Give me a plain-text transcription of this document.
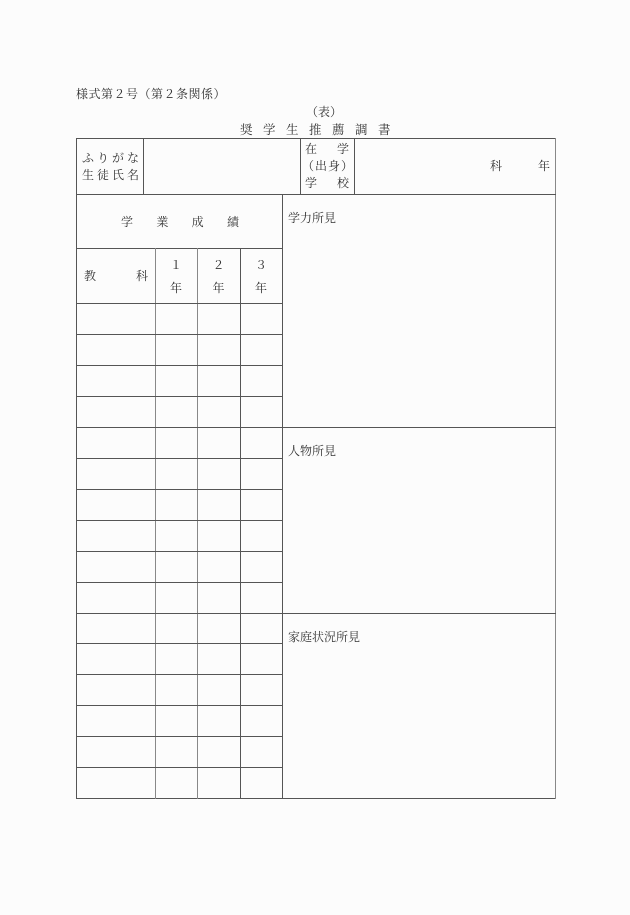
様式第２号（第２条関係）
（表）
奨学生推薦調書
ふりがな
生徒氏名
在 学
（出身）
学 校
科	年
学 業 成 績
教	科
１
年
２
年
３
年
学力所見
人物所見
家庭状況所見
